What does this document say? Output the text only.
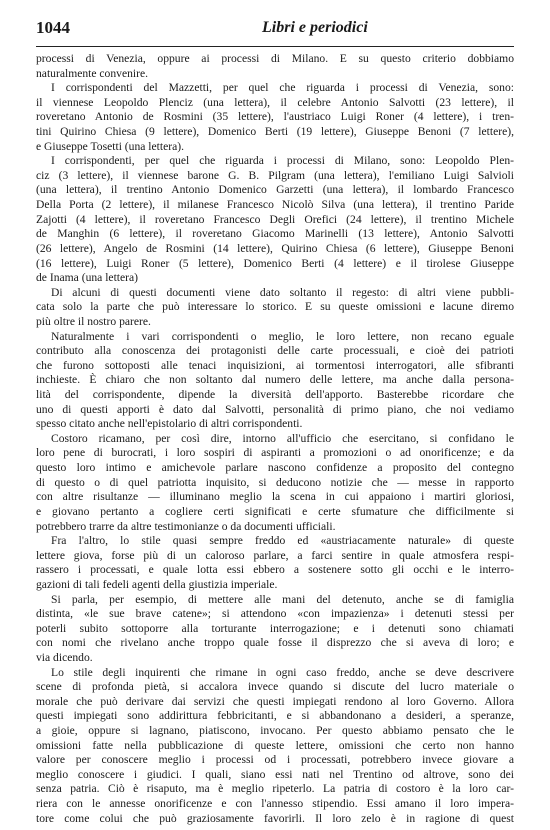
1044	Libri e periodici
processi di Venezia, oppure ai processi di Milano. E su questo criterio dobbiamo
naturalmente convenire.
I corrispondenti del Mazzetti, per quel che riguarda i processi di Venezia, sono:
il viennese Leopoldo Plenciz (una lettera), il celebre Antonio Salvotti (23 lettere), il
roveretano Antonio de Rosmini (35 lettere), l'austriaco Luigi Roner (4 lettere), i tren-
tini Quirino Chiesa (9 lettere), Domenico Berti (19 lettere), Giuseppe Benoni (7 lettere),
e Giuseppe Tosetti (una lettera).
I corrispondenti, per quel che riguarda i processi di Milano, sono: Leopoldo Plen-
ciz (3 lettere), il viennese barone G. B. Pilgram (una lettera), l'emiliano Luigi Salvioli
(una lettera), il trentino Antonio Domenico Garzetti (una lettera), il lombardo Francesco
Della Porta (2 lettere), il milanese Francesco Nicolò Silva (una lettera), il trentino Paride
Zajotti (4 lettere), il roveretano Francesco Degli Orefici (24 lettere), il trentino Michele
de Manghin (6 lettere), il roveretano Giacomo Marinelli (13 lettere), Antonio Salvotti
(26 lettere), Angelo de Rosmini (14 lettere), Quirino Chiesa (6 lettere), Giuseppe Benoni
(16 lettere), Luigi Roner (5 lettere), Domenico Berti (4 lettere) e il tirolese Giuseppe
de Inama (una lettera)
Di alcuni di questi documenti viene dato soltanto il regesto: di altri viene pubbli-
cata solo la parte che può interessare lo storico. E su queste omissioni e lacune diremo
più oltre il nostro parere.
Naturalmente i vari corrispondenti o meglio, le loro lettere, non recano eguale
contributo alla conoscenza dei protagonisti delle carte processuali, e cioè dei patrioti
che furono sottoposti alle tenaci inquisizioni, ai tormentosi interrogatori, alle sfibranti
inchieste. È chiaro che non soltanto dal numero delle lettere, ma anche dalla persona-
lità del corrispondente, dipende la diversità dell'apporto. Basterebbe ricordare che
uno di questi apporti è dato dal Salvotti, personalità di primo piano, che noi vediamo
spesso citato anche nell'epistolario di altri corrispondenti.
Costoro ricamano, per così dire, intorno all'ufficio che esercitano, si confidano le
loro pene di burocrati, i loro sospiri di aspiranti a promozioni o ad onorificenze; e da
questo loro intimo e amichevole parlare nascono confidenze a proposito del contegno
di questo o di quel patriotta inquisito, si deducono notizie che — messe in rapporto
con altre risultanze — illuminano meglio la scena in cui appaiono i martiri gloriosi,
e giovano pertanto a cogliere certi significati e certe sfumature che difficilmente si
potrebbero trarre da altre testimonianze o da documenti ufficiali.
Fra l'altro, lo stile quasi sempre freddo ed «austriacamente naturale» di queste
lettere giova, forse più di un caloroso parlare, a farci sentire in quale atmosfera respi-
rassero i processati, e quale lotta essi ebbero a sostenere sotto gli occhi e le interro-
gazioni di tali fedeli agenti della giustizia imperiale.
Si parla, per esempio, di mettere alle mani del detenuto, anche se di famiglia
distinta, «le sue brave catene»; si attendono «con impazienza» i detenuti stessi per
poterli subito sottoporre alla torturante interrogazione; e i detenuti sono chiamati
con nomi che rivelano anche troppo quale fosse il disprezzo che si aveva di loro; e
via dicendo.
Lo stile degli inquirenti che rimane in ogni caso freddo, anche se deve descrivere
scene di profonda pietà, si accalora invece quando si discute del lucro materiale o
morale che può derivare dai servizi che questi impiegati rendono al loro Governo. Allora
questi impiegati sono addirittura febbricitanti, e si abbandonano a desideri, a speranze,
a gioie, oppure si lagnano, piatiscono, invocano. Per questo abbiamo pensato che le
omissioni fatte nella pubblicazione di queste lettere, omissioni che certo non hanno
valore per conoscere meglio i processi od i processati, potrebbero invece giovare a
meglio conoscere i giudici. I quali, siano essi nati nel Trentino od altrove, sono dei
senza patria. Ciò è risaputo, ma è meglio ripeterlo. La patria di costoro è la loro car-
riera con le annesse onorificenze e con l'annesso stipendio. Essi amano il loro impera-
tore come colui che può graziosamente favorirli. Il loro zelo è in ragione di quest
